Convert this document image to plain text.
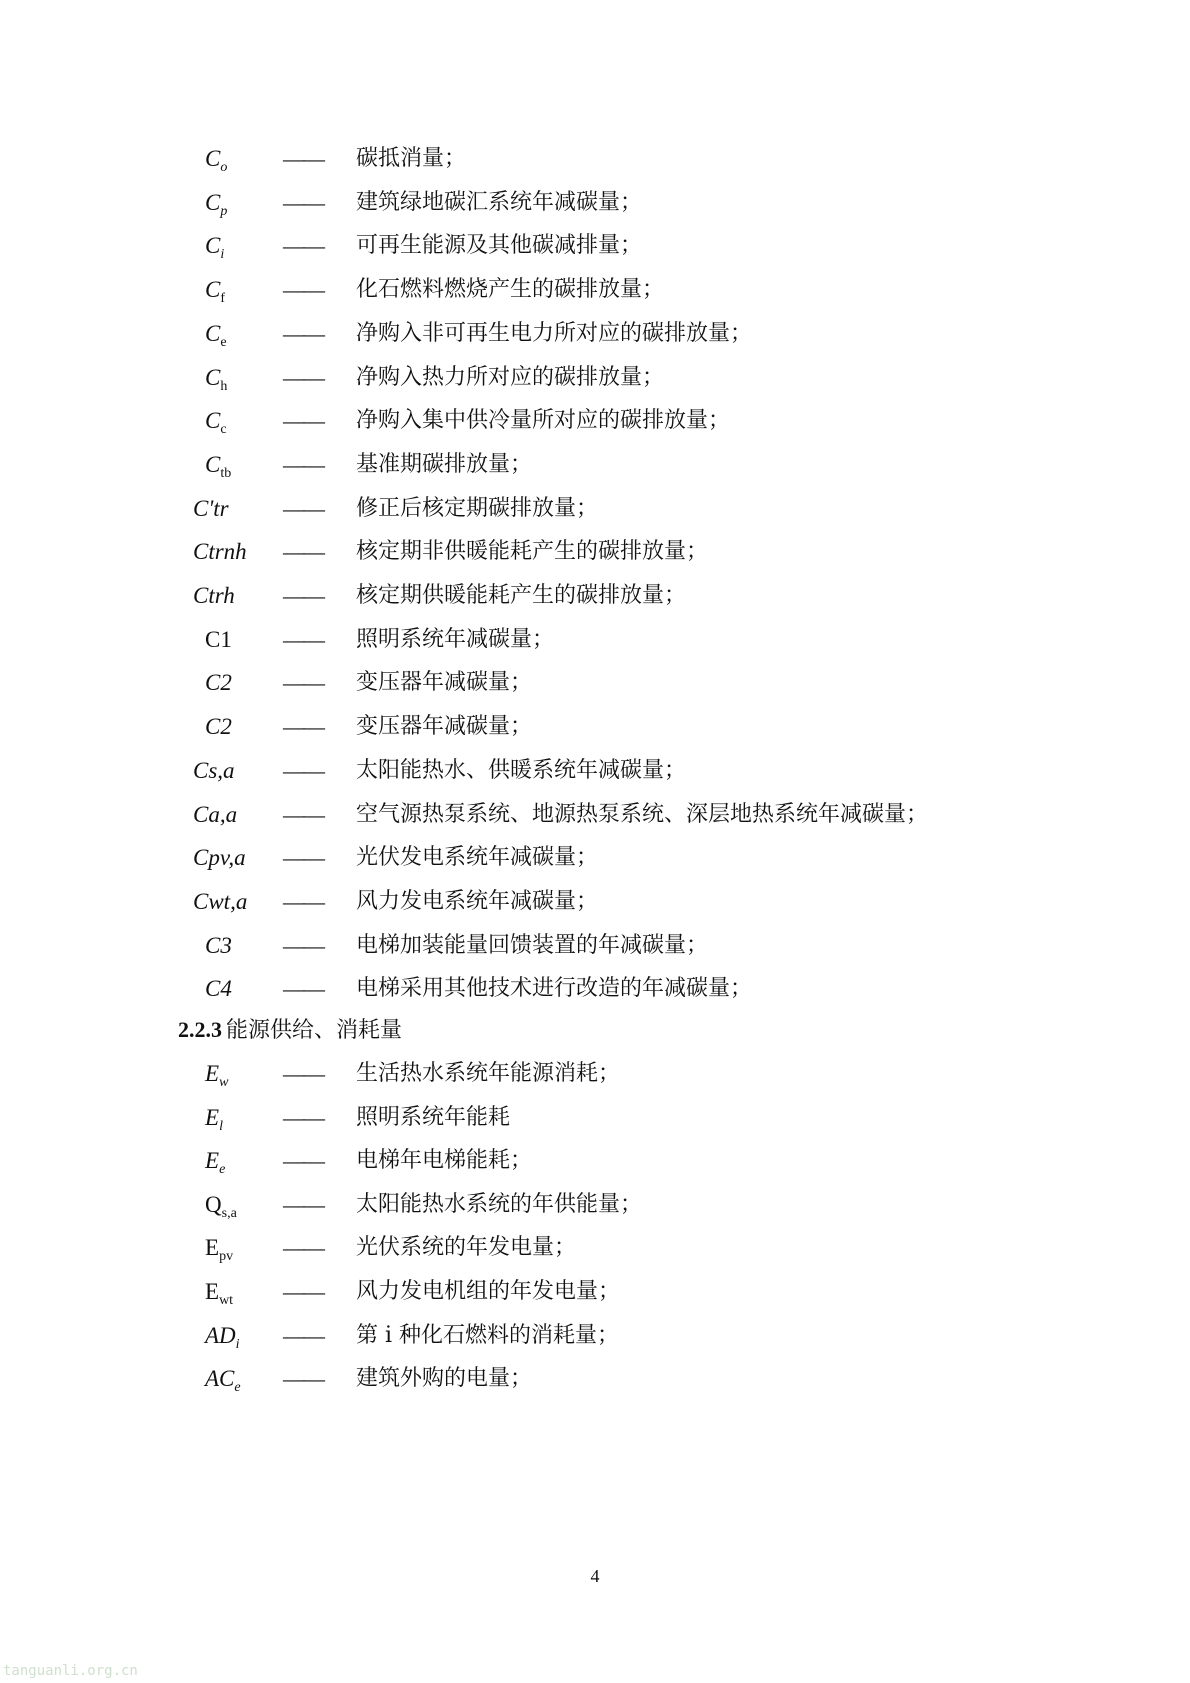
$C_o$	—— 碳抵消量；
$C_p$	—— 建筑绿地碳汇系统年减碳量；
$C_i$	—— 可再生能源及其他碳减排量；
$C_f$	—— 化石燃料燃烧产生的碳排放量；
$C_e$	—— 净购入非可再生电力所对应的碳排放量；
$C_h$	—— 净购入热力所对应的碳排放量；
$C_c$	—— 净购入集中供冷量所对应的碳排放量；
$C_{tb}$ —— 基准期碳排放量；
C'tr —— 修正后核定期碳排放量；
Ctrnh —— 核定期非供暖能耗产生的碳排放量；
Ctrh —— 核定期供暖能耗产生的碳排放量；
C1 —— 照明系统年减碳量；
C2 —— 变压器年减碳量；
C2 —— 变压器年减碳量；
Cs,a —— 太阳能热水、供暖系统年减碳量；
Ca,a —— 空气源热泵系统、地源热泵系统、深层地热系统年减碳量；
Cpv,a —— 光伏发电系统年减碳量；
Cwt,a —— 风力发电系统年减碳量；
C3 —— 电梯加装能量回馈装置的年减碳量；
C4 —— 电梯采用其他技术进行改造的年减碳量；
2.2.3 能源供给、消耗量
$E_w$ —— 生活热水系统年能源消耗；
$E_l$	—— 照明系统年能耗
$E_e$	—— 电梯年电梯能耗；
$Q_{s,a}$ —— 太阳能热水系统的年供能量；
$E_{pv}$ —— 光伏系统的年发电量；
$E_{wt}$ —— 风力发电机组的年发电量；
$AD_i$ —— 第 i 种化石燃料的消耗量；
$AC_e$ —— 建筑外购的电量；
4
tanguanli.org.cn
